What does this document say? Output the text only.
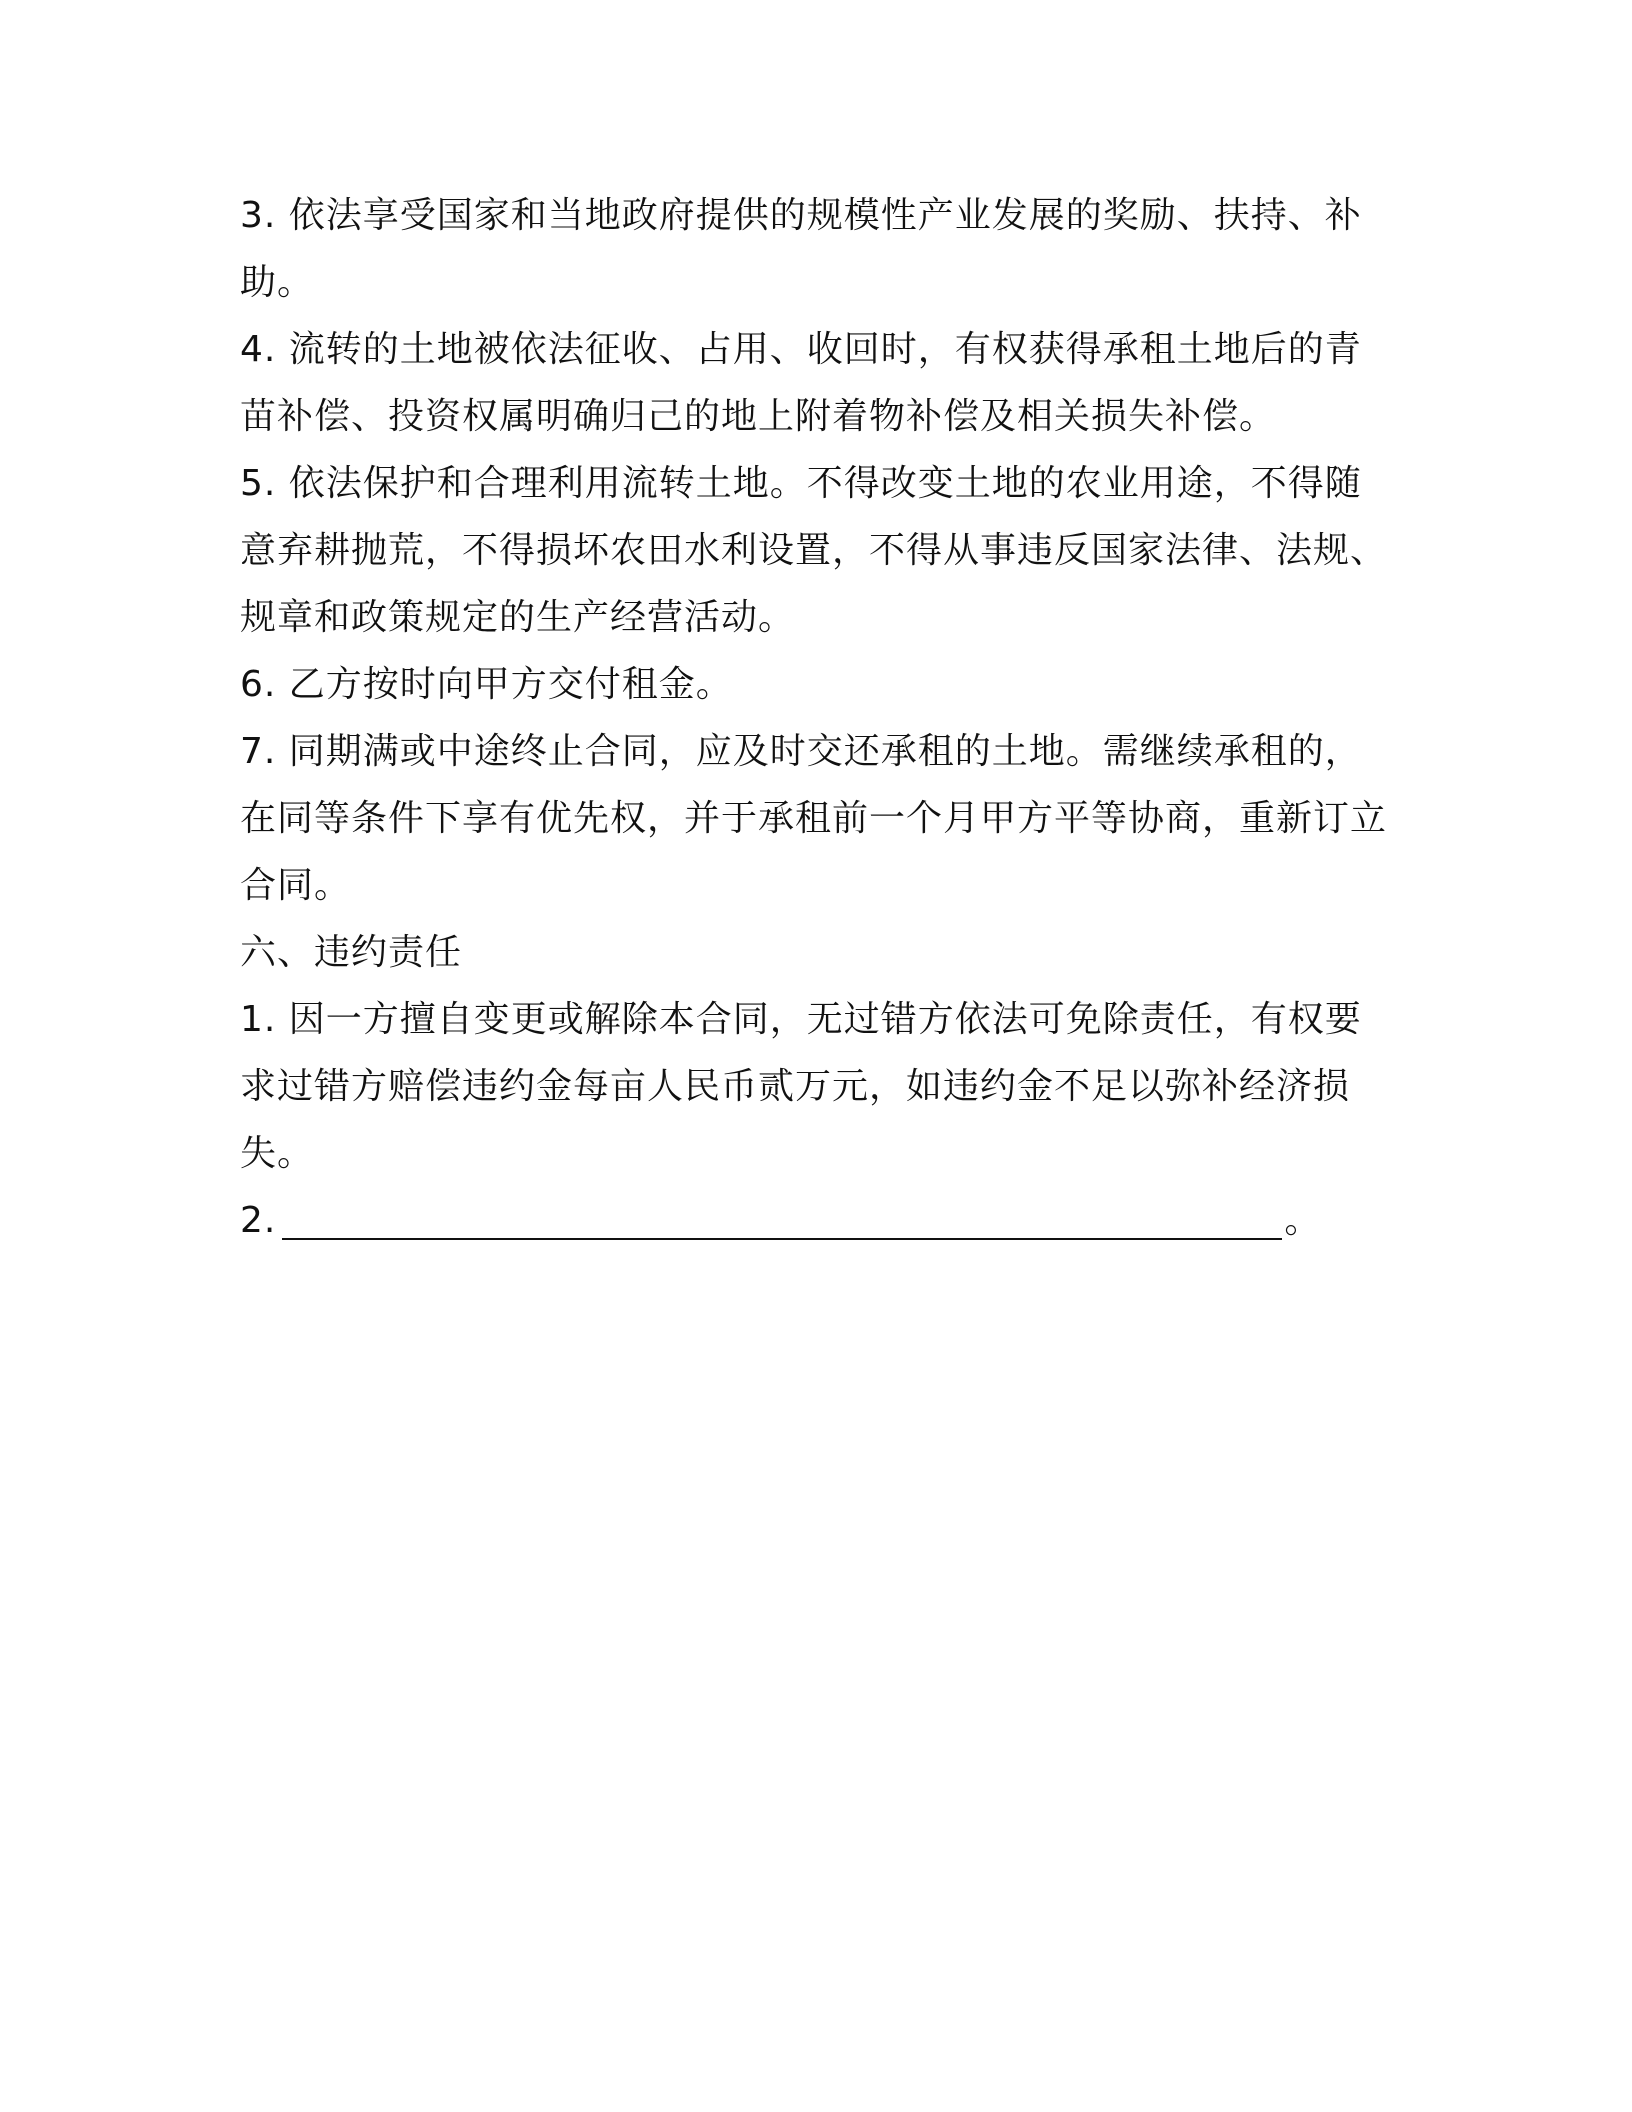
3. 依法享受国家和当地政府提供的规模性产业发展的奖励、扶持、补助。

4. 流转的土地被依法征收、占用、收回时，有权获得承租土地后的青苗补偿、投资权属明确归己的地上附着物补偿及相关损失补偿。

5. 依法保护和合理利用流转土地。不得改变土地的农业用途，不得随意弃耕抛荒，不得损坏农田水利设置，不得从事违反国家法律、法规、规章和政策规定的生产经营活动。

6. 乙方按时向甲方交付租金。

7. 同期满或中途终止合同，应及时交还承租的土地。需继续承租的，在同等条件下享有优先权，并于承租前一个月甲方平等协商，重新订立合同。

六、违约责任

1. 因一方擅自变更或解除本合同，无过错方依法可免除责任，有权要求过错方赔偿违约金每亩人民币贰万元，如违约金不足以弥补经济损失。

2.	。
